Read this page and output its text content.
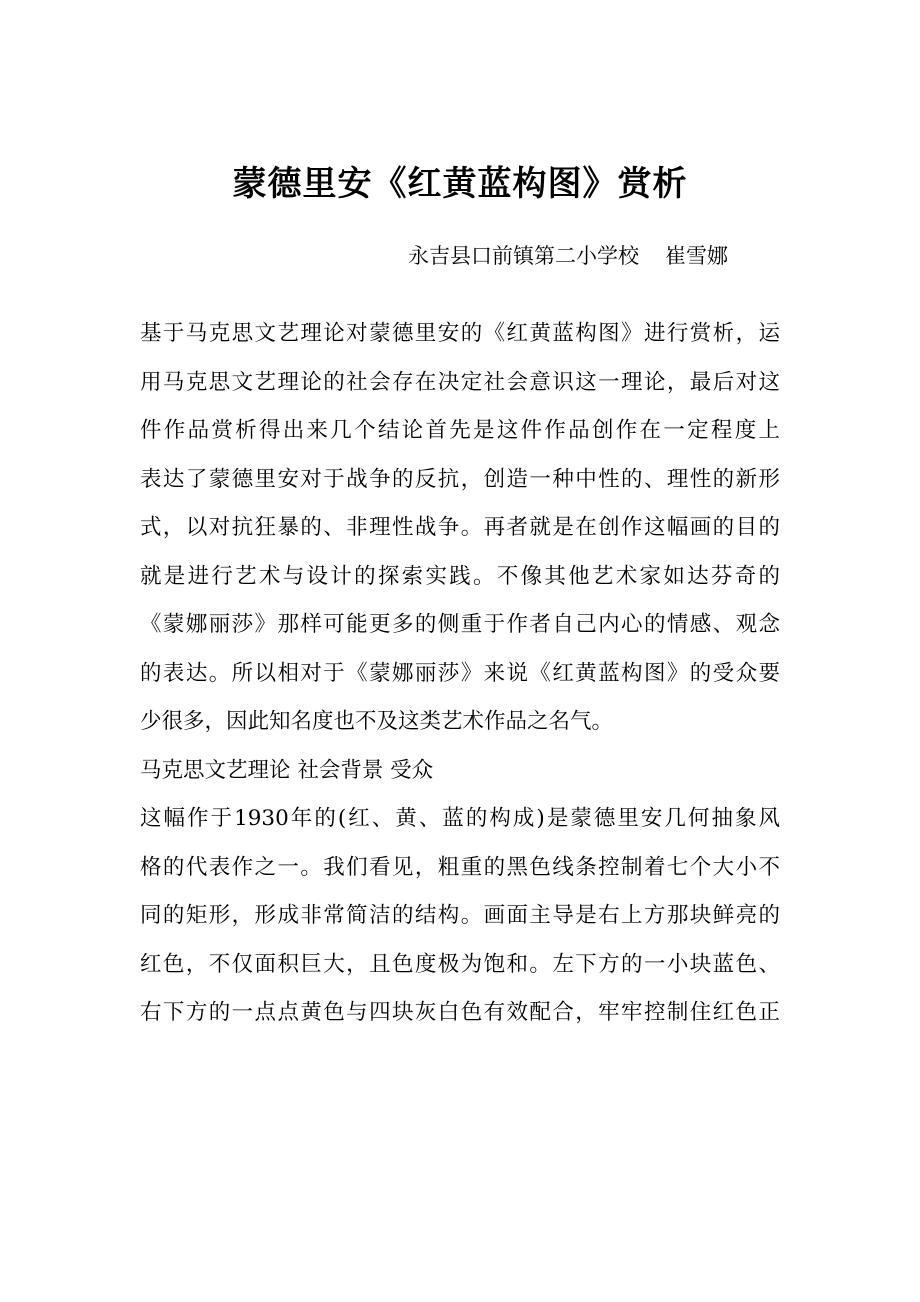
蒙德里安《红黄蓝构图》赏析
永吉县口前镇第二小学校 崔雪娜
基于马克思文艺理论对蒙德里安的《红黄蓝构图》进行赏析，运
用马克思文艺理论的社会存在决定社会意识这一理论，最后对这
件作品赏析得出来几个结论首先是这件作品创作在一定程度上
表达了蒙德里安对于战争的反抗，创造一种中性的、理性的新形
式，以对抗狂暴的、非理性战争。再者就是在创作这幅画的目的
就是进行艺术与设计的探索实践。不像其他艺术家如达芬奇的
《蒙娜丽莎》那样可能更多的侧重于作者自己内心的情感、观念
的表达。所以相对于《蒙娜丽莎》来说《红黄蓝构图》的受众要
少很多，因此知名度也不及这类艺术作品之名气。
马克思文艺理论 社会背景 受众
这幅作于1930年的(红、黄、蓝的构成)是蒙德里安几何抽象风
格的代表作之一。我们看见，粗重的黑色线条控制着七个大小不
同的矩形，形成非常简洁的结构。画面主导是右上方那块鲜亮的
红色，不仅面积巨大，且色度极为饱和。左下方的一小块蓝色、
右下方的一点点黄色与四块灰白色有效配合，牢牢控制住红色正
